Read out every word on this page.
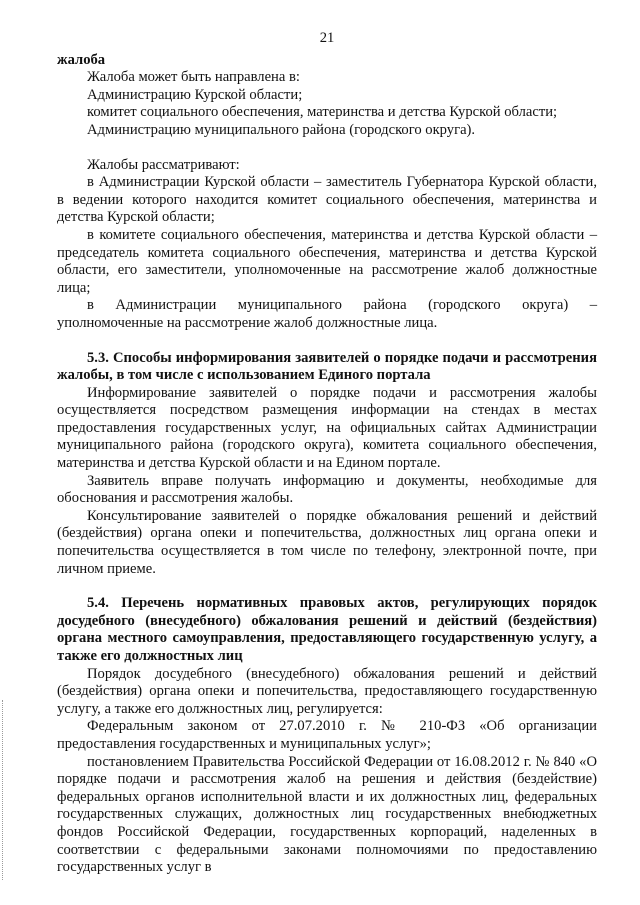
21

жалоба

Жалоба может быть направлена в:

Администрацию Курской области;

комитет социального обеспечения, материнства и детства Курской области;

Администрацию муниципального района (городского округа).

Жалобы рассматривают:

в Администрации Курской области – заместитель Губернатора Курской области, в ведении которого находится комитет социального обеспечения, материнства и детства Курской области;

в комитете социального обеспечения, материнства и детства Курской области – председатель комитета социального обеспечения, материнства и детства Курской области, его заместители, уполномоченные на рассмотрение жалоб должностные лица;

в Администрации муниципального района (городского округа) – уполномоченные на рассмотрение жалоб должностные лица.

5.3. Способы информирования заявителей о порядке подачи и рассмотрения жалобы, в том числе с использованием Единого портала

Информирование заявителей о порядке подачи и рассмотрения жалобы осуществляется посредством размещения информации на стендах в местах предоставления государственных услуг, на официальных сайтах Администрации муниципального района (городского округа), комитета социального обеспечения, материнства и детства Курской области и на Едином портале.

Заявитель вправе получать информацию и документы, необходимые для обоснования и рассмотрения жалобы.

Консультирование заявителей о порядке обжалования решений и действий (бездействия) органа опеки и попечительства, должностных лиц органа опеки и попечительства осуществляется в том числе по телефону, электронной почте, при личном приеме.

5.4. Перечень нормативных правовых актов, регулирующих порядок досудебного (внесудебного) обжалования решений и действий (бездействия) органа местного самоуправления, предоставляющего государственную услугу, а также его должностных лиц

Порядок досудебного (внесудебного) обжалования решений и действий (бездействия) органа опеки и попечительства, предоставляющего государственную услугу, а также его должностных лиц, регулируется:

Федеральным законом от 27.07.2010 г. № 210-ФЗ «Об организации предоставления государственных и муниципальных услуг»;

постановлением Правительства Российской Федерации от 16.08.2012 г. № 840 «О порядке подачи и рассмотрения жалоб на решения и действия (бездействие) федеральных органов исполнительной власти и их должностных лиц, федеральных государственных служащих, должностных лиц государственных внебюджетных фондов Российской Федерации, государственных корпораций, наделенных в соответствии с федеральными законами полномочиями по предоставлению государственных услуг в
